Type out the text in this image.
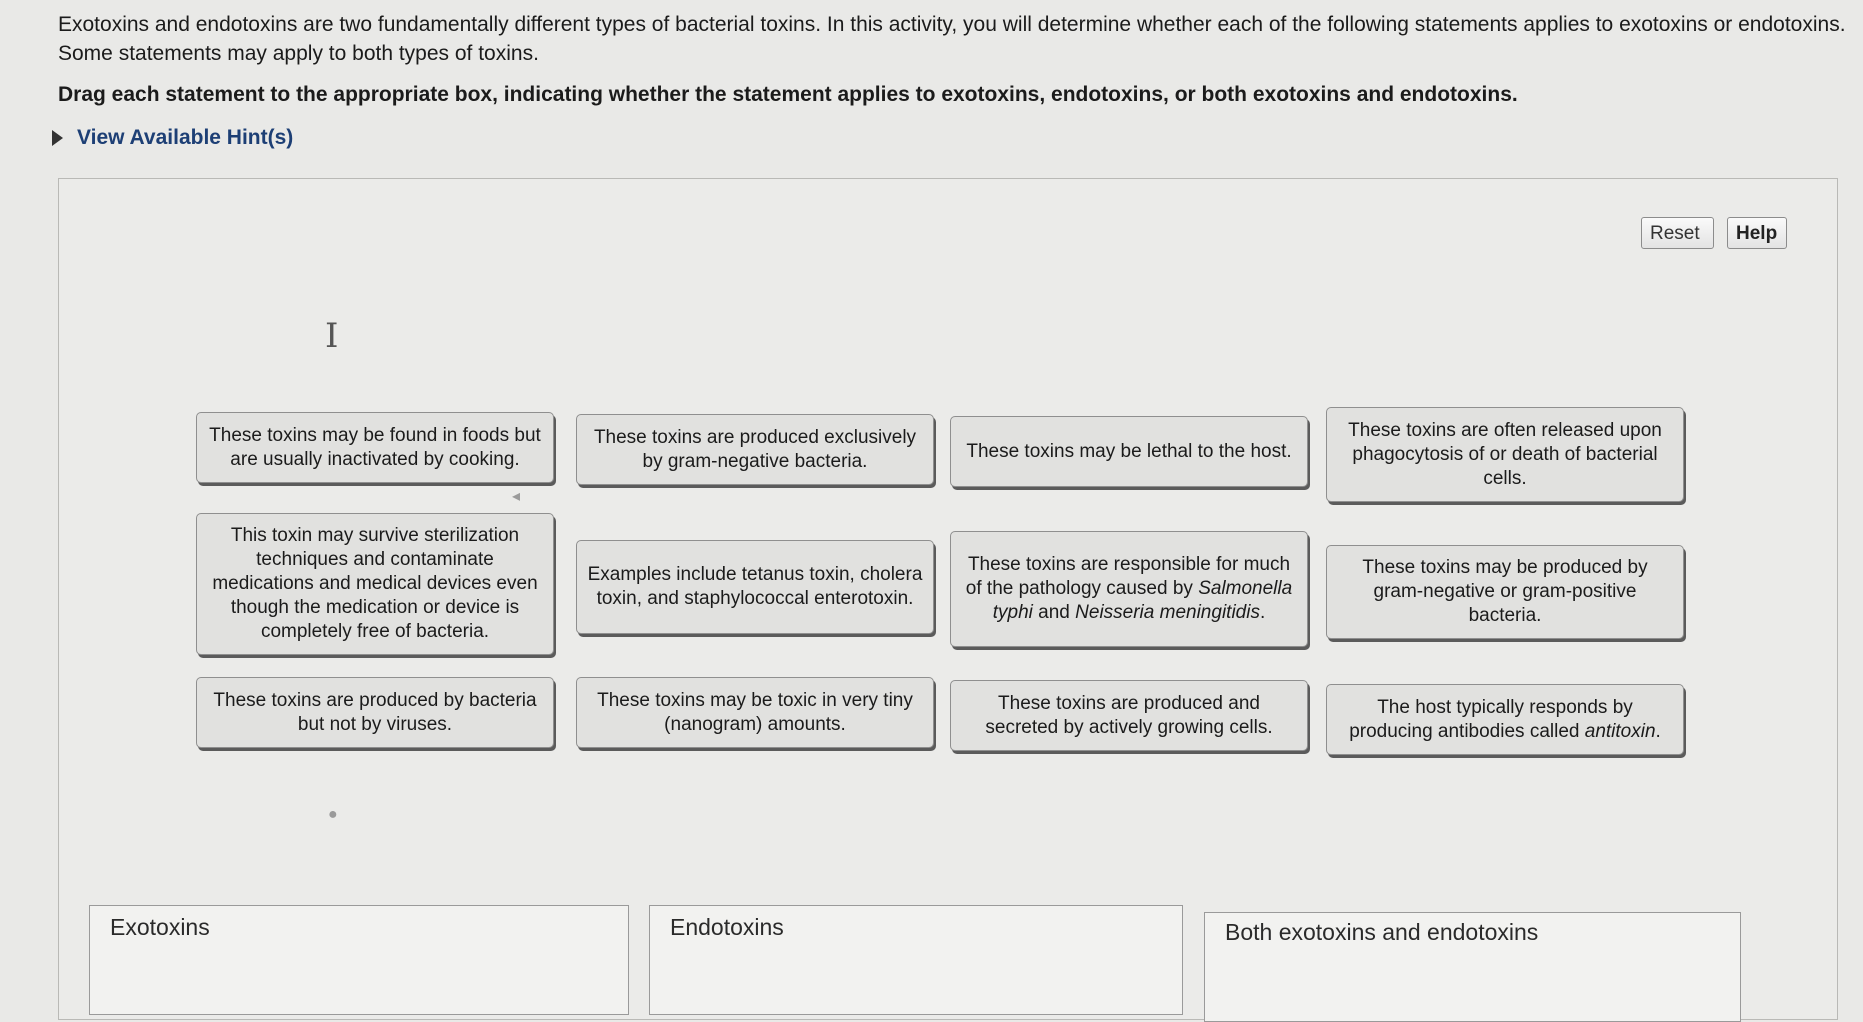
Exotoxins and endotoxins are two fundamentally different types of bacterial toxins. In this activity, you will determine whether each of the following statements applies to exotoxins or endotoxins. Some statements may apply to both types of toxins.
Drag each statement to the appropriate box, indicating whether the statement applies to exotoxins, endotoxins, or both exotoxins and endotoxins.
View Available Hint(s)
Reset	Help
I
These toxins may be found in foods but are usually inactivated by cooking.
These toxins are produced exclusively by gram-negative bacteria.	These toxins may be lethal to the host.
These toxins are often released upon phagocytosis of or death of bacterial cells.
This toxin may survive sterilization techniques and contaminate medications and medical devices even though the medication or device is completely free of bacteria.
Examples include tetanus toxin, cholera toxin, and staphylococcal enterotoxin.
These toxins are responsible for much of the pathology caused by Salmonella typhi and Neisseria meningitidis.
These toxins may be produced by gram-negative or gram-positive bacteria.
These toxins are produced by bacteria but not by viruses.
These toxins may be toxic in very tiny (nanogram) amounts.
These toxins are produced and secreted by actively growing cells.
The host typically responds by producing antibodies called antitoxin.
◂
●
Exotoxins	Endotoxins	Both exotoxins and endotoxins
